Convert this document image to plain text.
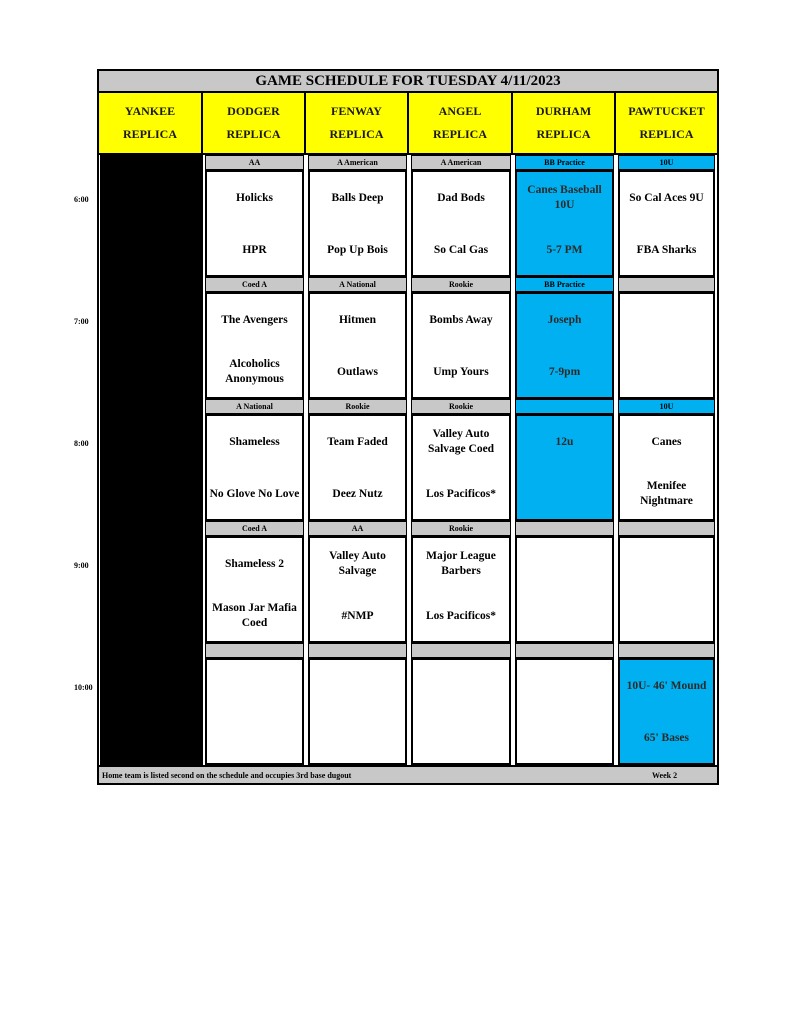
6:00
7:00
8:00
9:00
10:00
GAME SCHEDULE FOR TUESDAY 4/11/2023
YANKEE
REPLICA
DODGER
REPLICA
FENWAY
REPLICA
ANGEL
REPLICA
DURHAM
REPLICA
PAWTUCKET
REPLICA
AA
Holicks
HPR
A American
Balls Deep
Pop Up Bois
A American
Dad Bods
So Cal Gas
BB Practice
Canes Baseball 10U
5-7 PM
10U
So Cal Aces 9U
FBA Sharks
Coed A
The Avengers
Alcoholics Anonymous
A National
Hitmen
Outlaws
Rookie
Bombs Away
Ump Yours
BB Practice
Joseph
7-9pm
A National
Shameless
No Glove No Love
Rookie
Team Faded
Deez Nutz
Rookie
Valley Auto Salvage Coed
Los Pacificos*
12u
10U
Canes
Menifee Nightmare
Coed A
Shameless 2
Mason Jar Mafia Coed
AA
Valley Auto Salvage
#NMP
Rookie
Major League Barbers
Los Pacificos*
10U- 46' Mound
65' Bases
Home team is listed second on the schedule and occupies 3rd base dugout	Week 2
